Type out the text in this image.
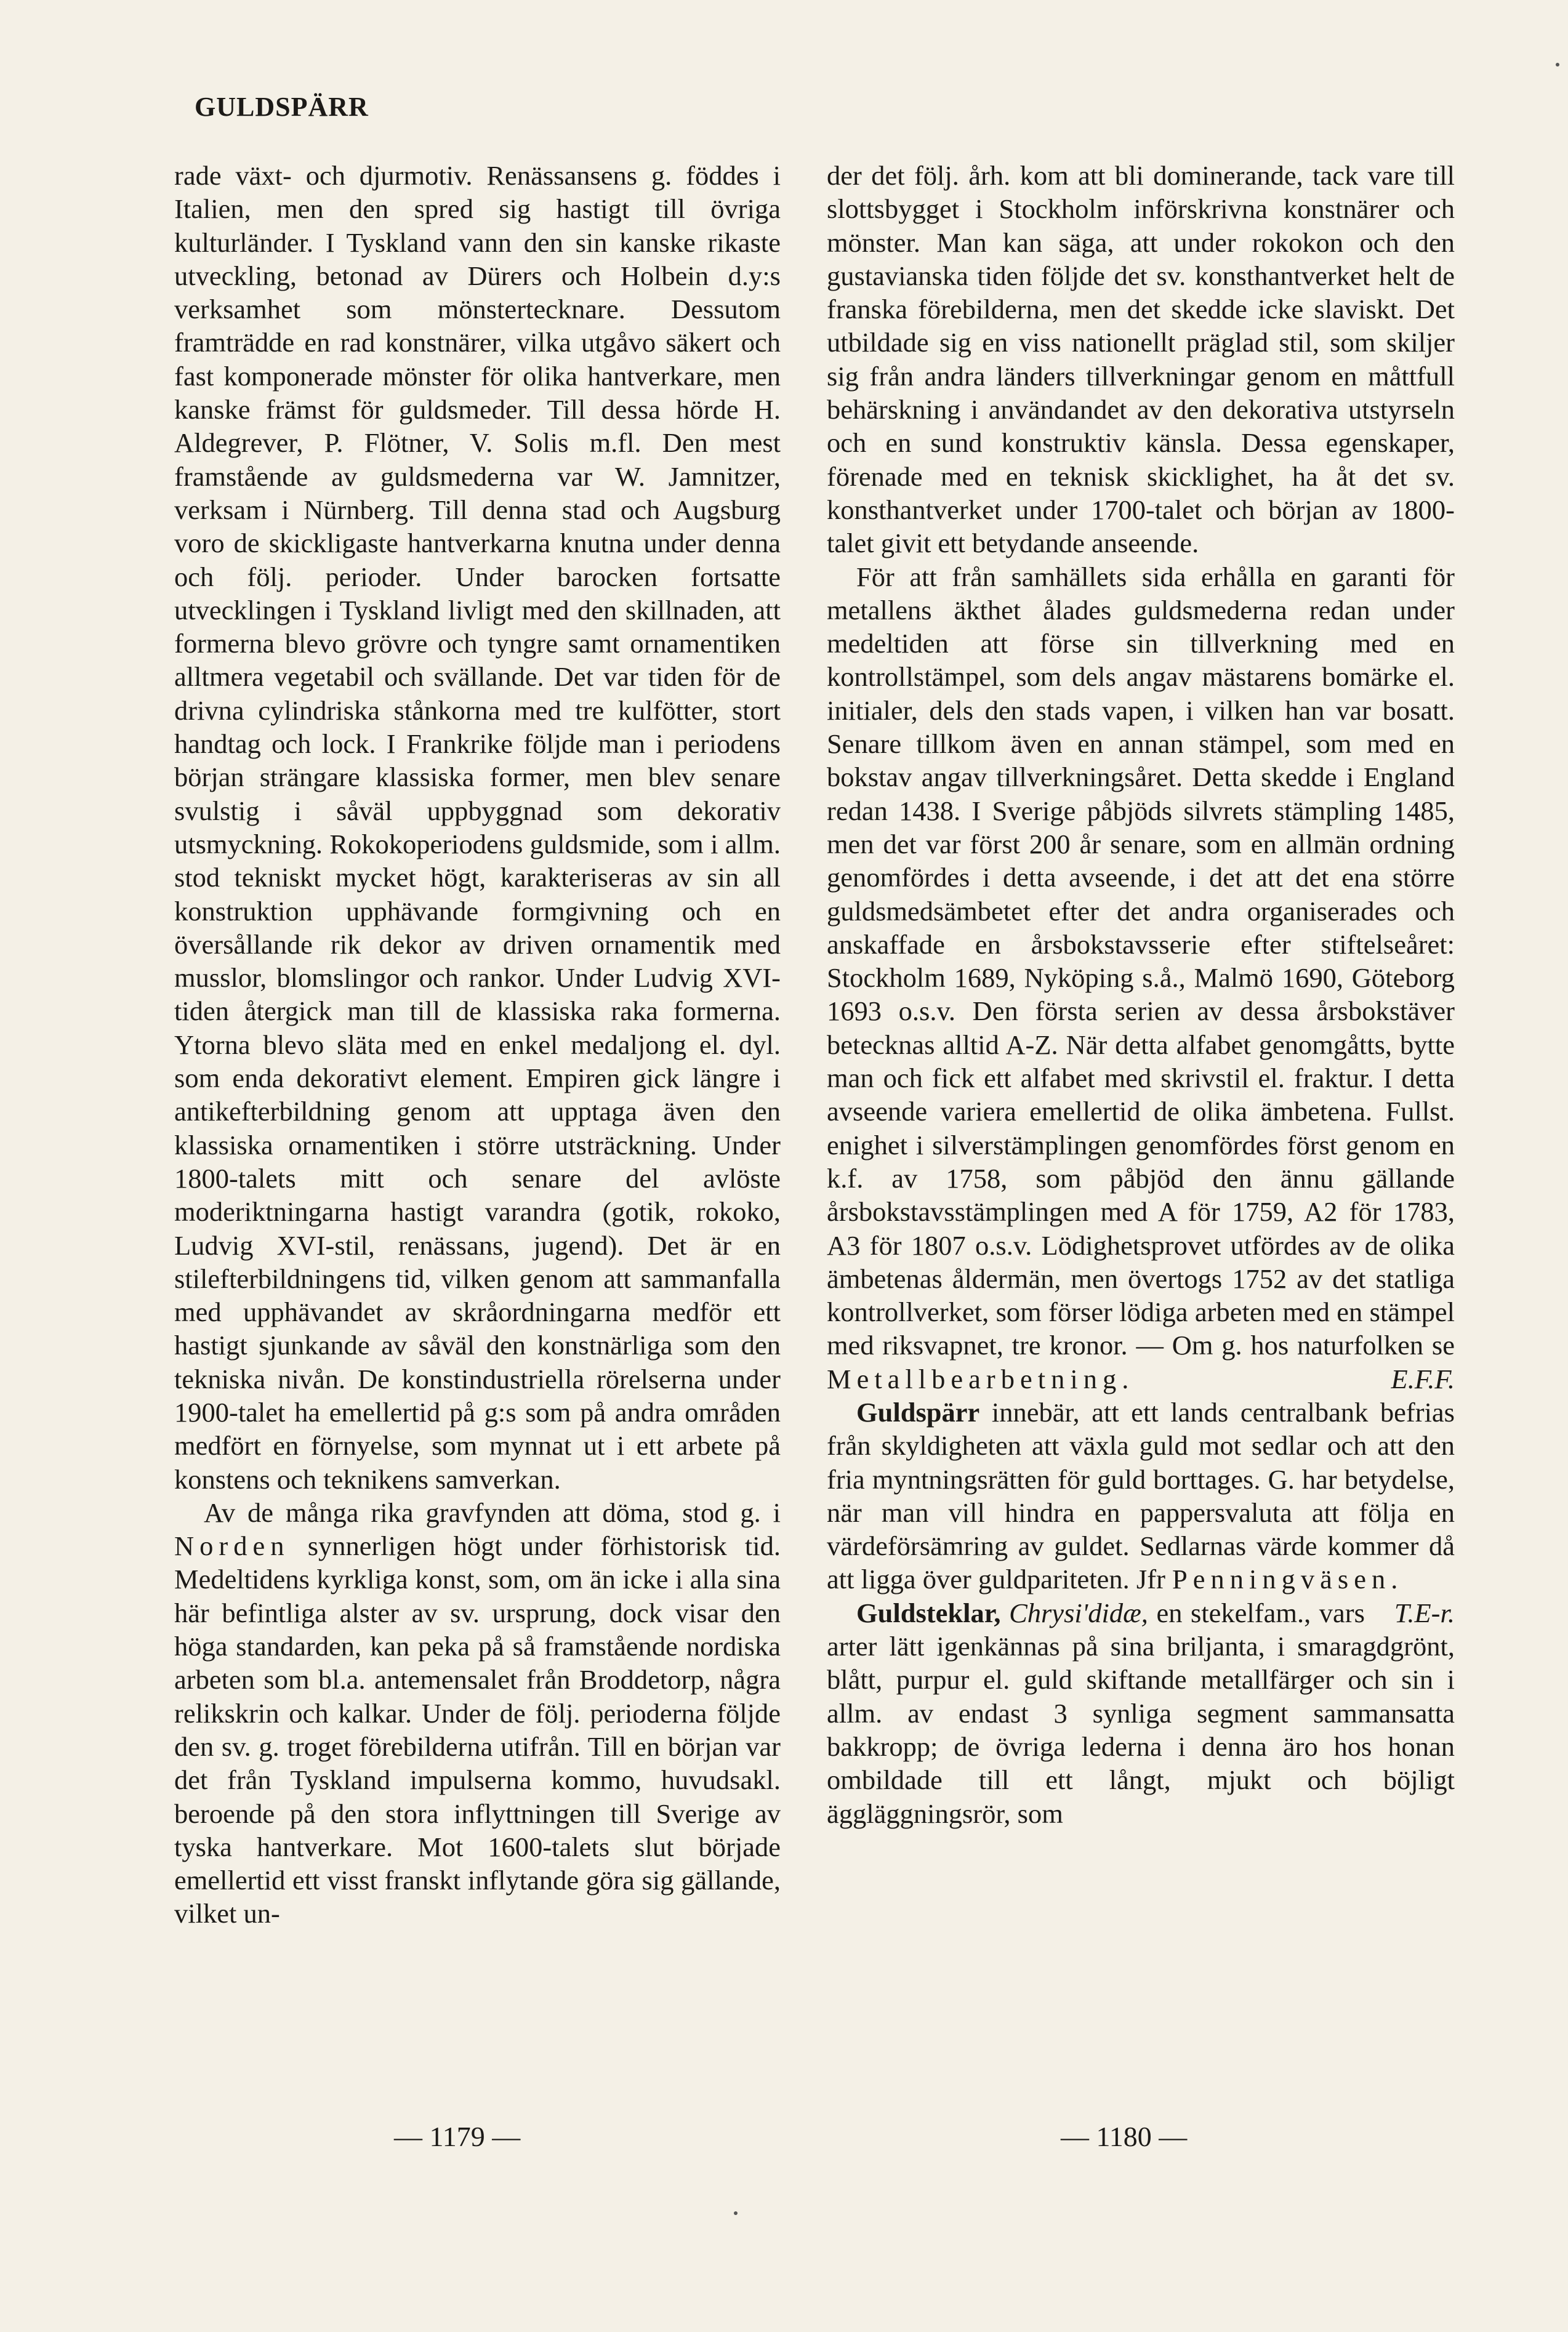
GULDSPÄRR

rade växt- och djurmotiv. Renässansens g. föddes i Italien, men den spred sig hastigt till övriga kulturländer. I Tyskland vann den sin kanske rikaste utveckling, betonad av Dürers och Holbein d.y:s verksamhet som mönstertecknare. Dessutom framträdde en rad konstnärer, vilka utgåvo säkert och fast komponerade mönster för olika hantverkare, men kanske främst för guldsmeder. Till dessa hörde H. Aldegrever, P. Flötner, V. Solis m.fl. Den mest framstående av guldsmederna var W. Jamnitzer, verksam i Nürnberg. Till denna stad och Augsburg voro de skickligaste hantverkarna knutna under denna och följ. perioder. Under barocken fortsatte utvecklingen i Tyskland livligt med den skillnaden, att formerna blevo grövre och tyngre samt ornamentiken alltmera vegetabil och svällande. Det var tiden för de drivna cylindriska stånkorna med tre kulfötter, stort handtag och lock. I Frankrike följde man i periodens början strängare klassiska former, men blev senare svulstig i såväl uppbyggnad som dekorativ utsmyckning. Rokokoperiodens guldsmide, som i allm. stod tekniskt mycket högt, karakteriseras av sin all konstruktion upphävande formgivning och en översållande rik dekor av driven ornamentik med musslor, blomslingor och rankor. Under Ludvig XVI-tiden återgick man till de klassiska raka formerna. Ytorna blevo släta med en enkel medaljong el. dyl. som enda dekorativt element. Empiren gick längre i antikefterbildning genom att upptaga även den klassiska ornamentiken i större utsträckning. Under 1800-talets mitt och senare del avlöste moderiktningarna hastigt varandra (gotik, rokoko, Ludvig XVI-stil, renässans, jugend). Det är en stilefterbildningens tid, vilken genom att sammanfalla med upphävandet av skråordningarna medför ett hastigt sjunkande av såväl den konstnärliga som den tekniska nivån. De konstindustriella rörelserna under 1900-talet ha emellertid på g:s som på andra områden medfört en förnyelse, som mynnat ut i ett arbete på konstens och teknikens samverkan.

Av de många rika gravfynden att döma, stod g. i Norden synnerligen högt under förhistorisk tid. Medeltidens kyrkliga konst, som, om än icke i alla sina här befintliga alster av sv. ursprung, dock visar den höga standarden, kan peka på så framstående nordiska arbeten som bl.a. antemensalet från Broddetorp, några relikskrin och kalkar. Under de följ. perioderna följde den sv. g. troget förebilderna utifrån. Till en början var det från Tyskland impulserna kommo, huvudsakl. beroende på den stora inflyttningen till Sverige av tyska hantverkare. Mot 1600-talets slut började emellertid ett visst franskt inflytande göra sig gällande, vilket un-

der det följ. årh. kom att bli dominerande, tack vare till slottsbygget i Stockholm införskrivna konstnärer och mönster. Man kan säga, att under rokokon och den gustavianska tiden följde det sv. konsthantverket helt de franska förebilderna, men det skedde icke slaviskt. Det utbildade sig en viss nationellt präglad stil, som skiljer sig från andra länders tillverkningar genom en måttfull behärskning i användandet av den dekorativa utstyrseln och en sund konstruktiv känsla. Dessa egenskaper, förenade med en teknisk skicklighet, ha åt det sv. konsthantverket under 1700-talet och början av 1800-talet givit ett betydande anseende.

För att från samhällets sida erhålla en garanti för metallens äkthet ålades guldsmederna redan under medeltiden att förse sin tillverkning med en kontrollstämpel, som dels angav mästarens bomärke el. initialer, dels den stads vapen, i vilken han var bosatt. Senare tillkom även en annan stämpel, som med en bokstav angav tillverkningsåret. Detta skedde i England redan 1438. I Sverige påbjöds silvrets stämpling 1485, men det var först 200 år senare, som en allmän ordning genomfördes i detta avseende, i det att det ena större guldsmedsämbetet efter det andra organiserades och anskaffade en årsbokstavsserie efter stiftelseåret: Stockholm 1689, Nyköping s.å., Malmö 1690, Göteborg 1693 o.s.v. Den första serien av dessa årsbokstäver betecknas alltid A-Z. När detta alfabet genomgåtts, bytte man och fick ett alfabet med skrivstil el. fraktur. I detta avseende variera emellertid de olika ämbetena. Fullst. enighet i silverstämplingen genomfördes först genom en k.f. av 1758, som påbjöd den ännu gällande årsbokstavsstämplingen med A för 1759, A2 för 1783, A3 för 1807 o.s.v. Lödighetsprovet utfördes av de olika ämbetenas åldermän, men övertogs 1752 av det statliga kontrollverket, som förser lödiga arbeten med en stämpel med riksvapnet, tre kronor. — Om g. hos naturfolken se Metallbearbetning.	E.F.F.

Guldspärr innebär, att ett lands centralbank befrias från skyldigheten att växla guld mot sedlar och att den fria myntningsrätten för guld borttages. G. har betydelse, när man vill hindra en pappersvaluta att följa en värdeförsämring av guldet. Sedlarnas värde kommer då att ligga över guldpariteten. Jfr Penningväsen.
T.E-r.

Guldsteklar, Chrysi'didæ, en stekelfam., vars arter lätt igenkännas på sina briljanta, i smaragdgrönt, blått, purpur el. guld skiftande metallfärger och sin i allm. av endast 3 synliga segment sammansatta bakkropp; de övriga lederna i denna äro hos honan ombildade till ett långt, mjukt och böjligt äggläggningsrör, som

— 1179 —	— 1180 —
